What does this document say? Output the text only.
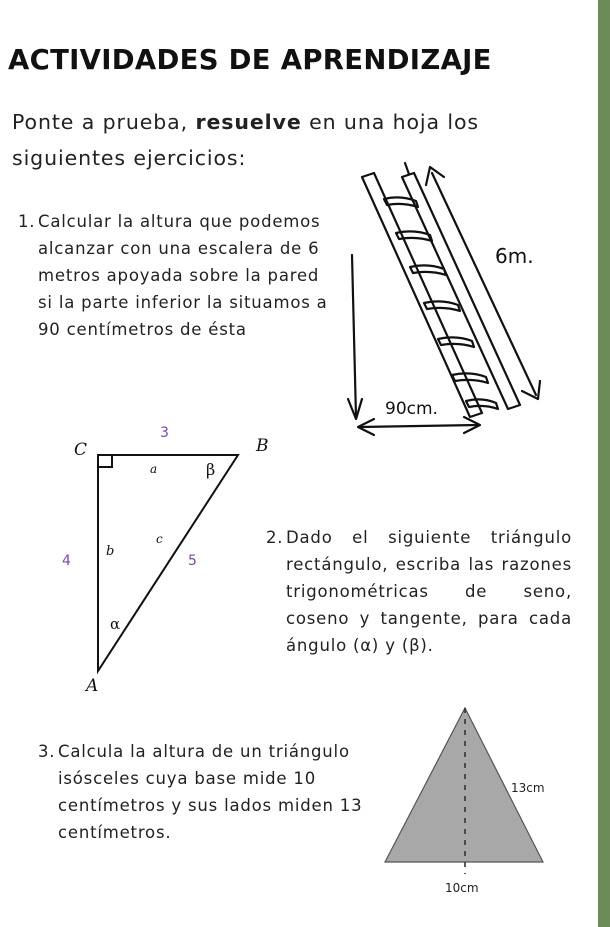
ACTIVIDADES DE APRENDIZAJE
Ponte a prueba, resuelve en una hoja los siguientes ejercicios:
1. Calcular la altura que podemos alcanzar con una escalera de 6 metros apoyada sobre la pared si la parte inferior la situamos a 90 centímetros de ésta
2. Dado el siguiente triángulo rectángulo, escriba las razones trigonométricas de seno, coseno y tangente, para cada ángulo (α) y (β).
3. Calcula la altura de un triángulo isósceles cuya base mide 10 centímetros y sus lados miden 13 centímetros.
6m.
90cm.
C	B
A
a	β
b
c
α
3
4	5
13cm
10cm
